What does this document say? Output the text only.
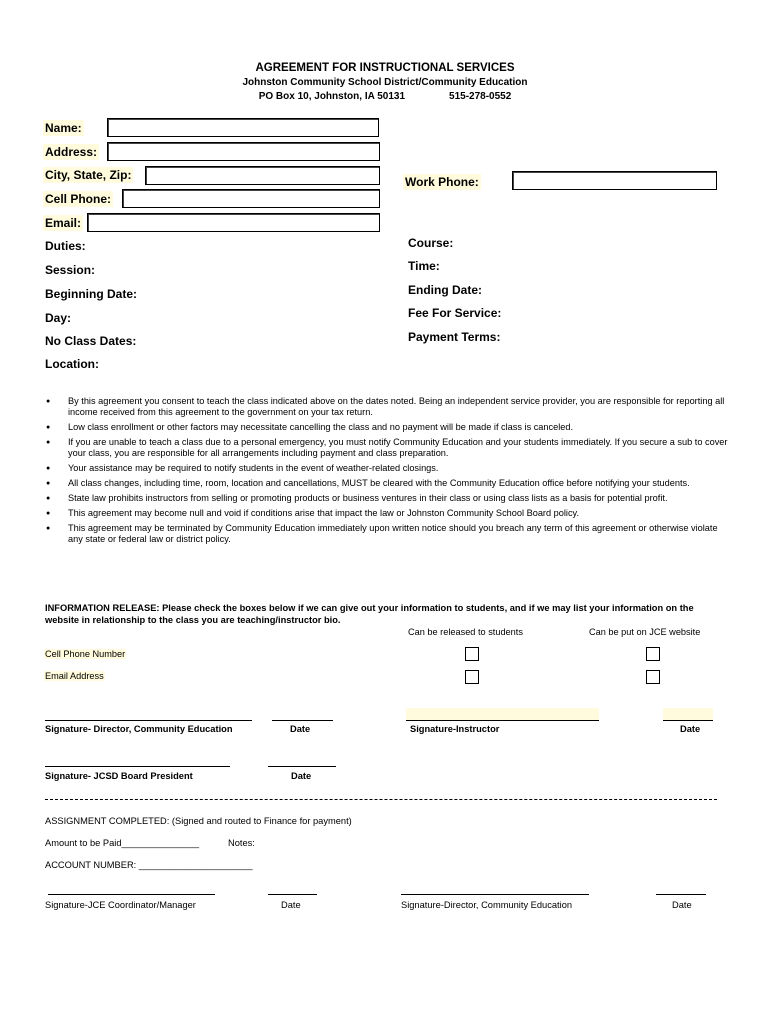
AGREEMENT FOR INSTRUCTIONAL SERVICES
Johnston Community School District/Community Education
PO Box 10, Johnston, IA 50131	515-278-0552
Name:
Address:
City, State, Zip:	Work Phone:
Cell Phone:
Email:
Duties:
Session:
Beginning Date:
Day:
No Class Dates:
Location:
Course:
Time:
Ending Date:
Fee For Service:
Payment Terms:
● By this agreement you consent to teach the class indicated above on the dates noted. Being an independent service provider, you are responsible for reporting all income received from this agreement to the government on your tax return.
● Low class enrollment or other factors may necessitate cancelling the class and no payment will be made if class is canceled.
● If you are unable to teach a class due to a personal emergency, you must notify Community Education and your students immediately. If you secure a sub to cover your class, you are responsible for all arrangements including payment and class preparation.
● Your assistance may be required to notify students in the event of weather-related closings.
● All class changes, including time, room, location and cancellations, MUST be cleared with the Community Education office before notifying your students.
● State law prohibits instructors from selling or promoting products or business ventures in their class or using class lists as a basis for potential profit.
● This agreement may become null and void if conditions arise that impact the law or Johnston Community School Board policy.
● This agreement may be terminated by Community Education immediately upon written notice should you breach any term of this agreement or otherwise violate any state or federal law or district policy.
INFORMATION RELEASE: Please check the boxes below if we can give out your information to students, and if we may list your information on the website in relationship to the class you are teaching/instructor bio.
Can be released to students	Can be put on JCE website
Cell Phone Number
Email Address
Signature- Director, Community Education	Date	Signature-Instructor	Date
Signature- JCSD Board President	Date
ASSIGNMENT COMPLETED: (Signed and routed to Finance for payment)
Amount to be Paid_______________	Notes:
ACCOUNT NUMBER: ______________________
Signature-JCE Coordinator/Manager	Date	Signature-Director, Community Education	Date
